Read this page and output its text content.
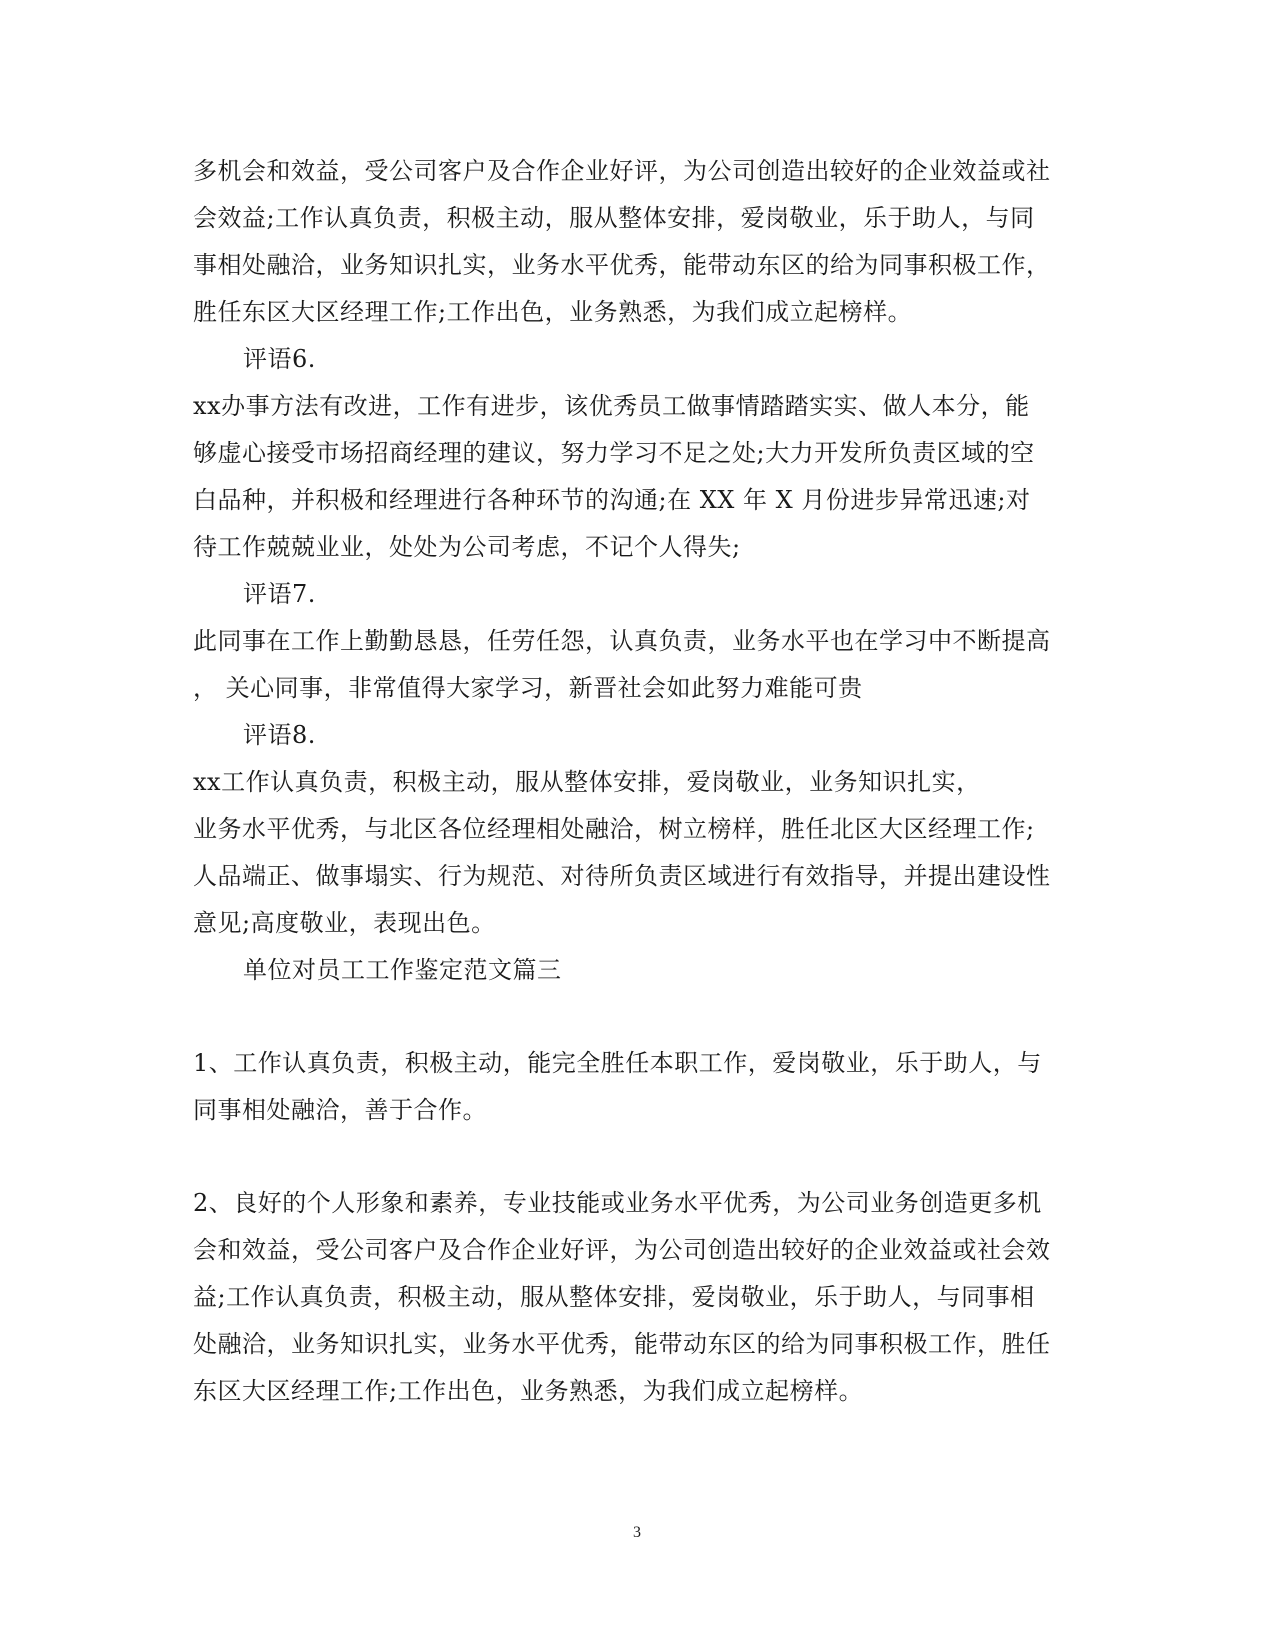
多机会和效益，受公司客户及合作企业好评，为公司创造出较好的企业效益或社
会效益;工作认真负责，积极主动，服从整体安排，爱岗敬业，乐于助人，与同
事相处融洽，业务知识扎实，业务水平优秀，能带动东区的给为同事积极工作，
胜任东区大区经理工作;工作出色，业务熟悉，为我们成立起榜样。
评语6.
xx办事方法有改进，工作有进步，该优秀员工做事情踏踏实实、做人本分，能
够虚心接受市场招商经理的建议，努力学习不足之处;大力开发所负责区域的空
白品种，并积极和经理进行各种环节的沟通;在 XX 年 X 月份进步异常迅速;对
待工作兢兢业业，处处为公司考虑，不记个人得失;
评语7.
此同事在工作上勤勤恳恳，任劳任怨，认真负责，业务水平也在学习中不断提高
， 关心同事，非常值得大家学习，新晋社会如此努力难能可贵
评语8.
xx工作认真负责，积极主动，服从整体安排，爱岗敬业，业务知识扎实，
业务水平优秀，与北区各位经理相处融洽，树立榜样，胜任北区大区经理工作;
人品端正、做事塌实、行为规范、对待所负责区域进行有效指导，并提出建设性
意见;高度敬业，表现出色。
单位对员工工作鉴定范文篇三
1、工作认真负责，积极主动，能完全胜任本职工作，爱岗敬业，乐于助人，与
同事相处融洽，善于合作。
2、良好的个人形象和素养，专业技能或业务水平优秀，为公司业务创造更多机
会和效益，受公司客户及合作企业好评，为公司创造出较好的企业效益或社会效
益;工作认真负责，积极主动，服从整体安排，爱岗敬业，乐于助人，与同事相
处融洽，业务知识扎实，业务水平优秀，能带动东区的给为同事积极工作，胜任
东区大区经理工作;工作出色，业务熟悉，为我们成立起榜样。
3
